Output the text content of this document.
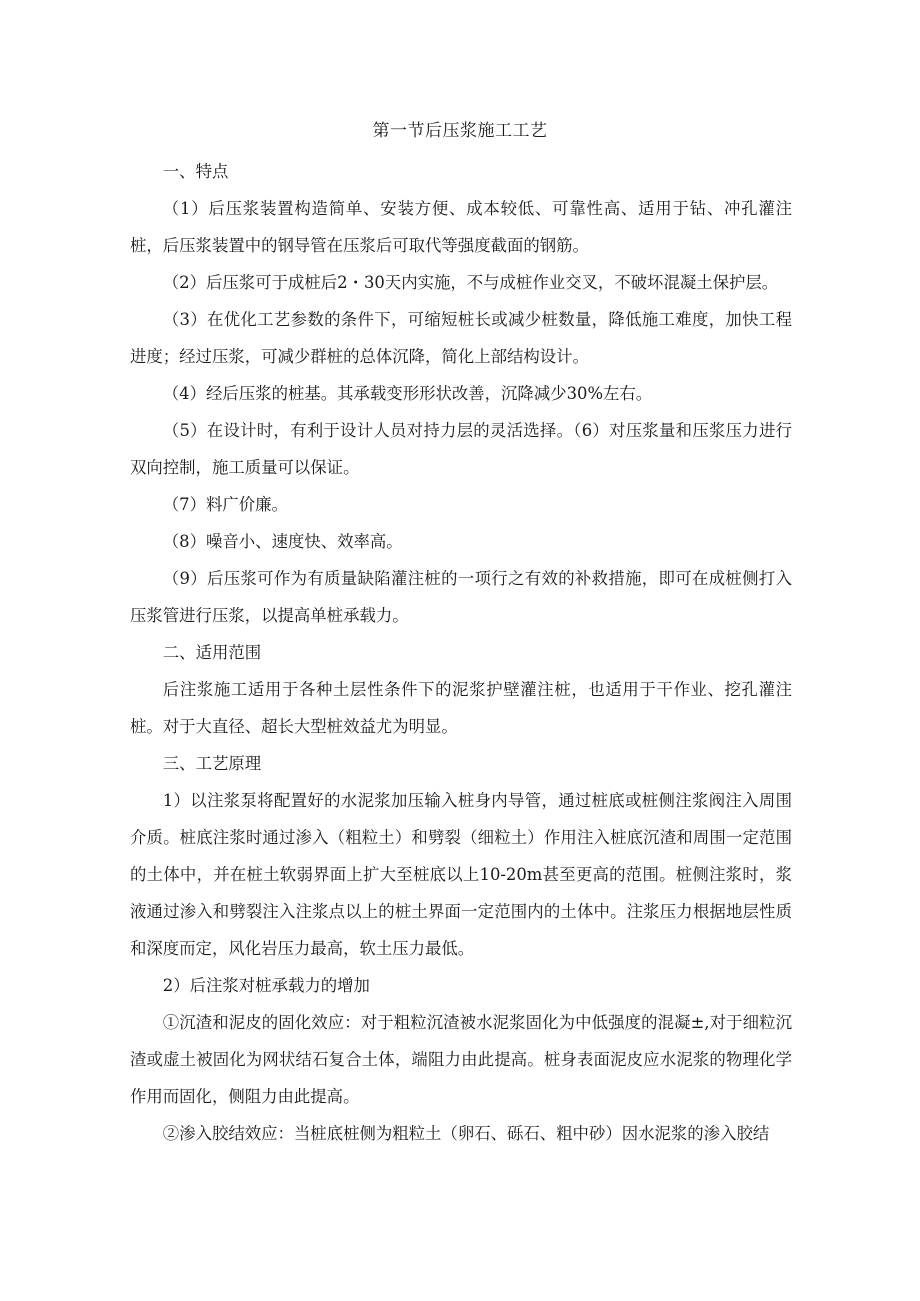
第一节后压浆施工工艺

一、特点

（1）后压浆装置构造简单、安装方便、成本较低、可靠性高、适用于钻、冲孔灌注桩，后压浆装置中的钢导管在压浆后可取代等强度截面的钢筋。

（2）后压浆可于成桩后2・30天内实施，不与成桩作业交叉，不破坏混凝土保护层。

（3）在优化工艺参数的条件下，可缩短桩长或减少桩数量，降低施工难度，加快工程进度；经过压浆，可减少群桩的总体沉降，简化上部结构设计。

（4）经后压浆的桩基。其承载变形形状改善，沉降减少30%左右。

（5）在设计时，有利于设计人员对持力层的灵活选择。（6）对压浆量和压浆压力进行双向控制，施工质量可以保证。

（7）料广价廉。

（8）噪音小、速度快、效率高。

（9）后压浆可作为有质量缺陷灌注桩的一项行之有效的补救措施，即可在成桩侧打入压浆管进行压浆，以提高单桩承载力。

二、适用范围

后注浆施工适用于各种土层性条件下的泥浆护壁灌注桩，也适用于干作业、挖孔灌注桩。对于大直径、超长大型桩效益尤为明显。

三、工艺原理

1）以注浆泵将配置好的水泥浆加压输入桩身内导管，通过桩底或桩侧注浆阀注入周围介质。桩底注浆时通过渗入（粗粒土）和劈裂（细粒土）作用注入桩底沉渣和周围一定范围的土体中，并在桩土软弱界面上扩大至桩底以上10-20m甚至更高的范围。桩侧注浆时，浆液通过渗入和劈裂注入注浆点以上的桩土界面一定范围内的土体中。注浆压力根据地层性质和深度而定，风化岩压力最高，软土压力最低。

2）后注浆对桩承载力的增加

①沉渣和泥皮的固化效应：对于粗粒沉渣被水泥浆固化为中低强度的混凝±,对于细粒沉渣或虚土被固化为网状结石复合土体，端阻力由此提高。桩身表面泥皮应水泥浆的物理化学作用而固化，侧阻力由此提高。

②渗入胶结效应：当桩底桩侧为粗粒土（卵石、砾石、粗中砂）因水泥浆的渗入胶结
